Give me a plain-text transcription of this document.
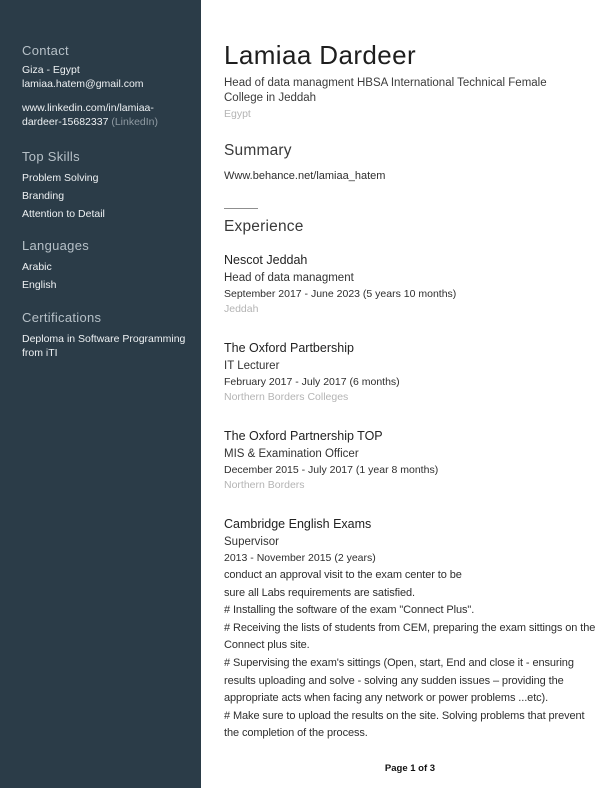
Contact
Giza - Egypt
lamiaa.hatem@gmail.com
www.linkedin.com/in/lamiaa-
dardeer-15682337 (LinkedIn)
Top Skills
Problem Solving
Branding
Attention to Detail
Languages
Arabic
English
Certifications
Deploma in Software Programming
from iTI
Lamiaa Dardeer
Head of data managment HBSA International Technical Female
College in Jeddah
Egypt
Summary
Www.behance.net/lamiaa_hatem
Experience
Nescot Jeddah
Head of data managment
September 2017 - June 2023 (5 years 10 months)
Jeddah
The Oxford Partbership
IT Lecturer
February 2017 - July 2017 (6 months)
Northern Borders Colleges
The Oxford Partnership TOP
MIS & Examination Officer
December 2015 - July 2017 (1 year 8 months)
Northern Borders
Cambridge English Exams
Supervisor
2013 - November 2015 (2 years)
conduct an approval visit to the exam center to be
sure all Labs requirements are satisfied.
# Installing the software of the exam "Connect Plus".
# Receiving the lists of students from CEM, preparing the exam sittings on the
Connect plus site.
# Supervising the exam's sittings (Open, start, End and close it - ensuring
results uploading and solve - solving any sudden issues – providing the
appropriate acts when facing any network or power problems ...etc).
# Make sure to upload the results on the site. Solving problems that prevent
the completion of the process.
Page 1 of 3
